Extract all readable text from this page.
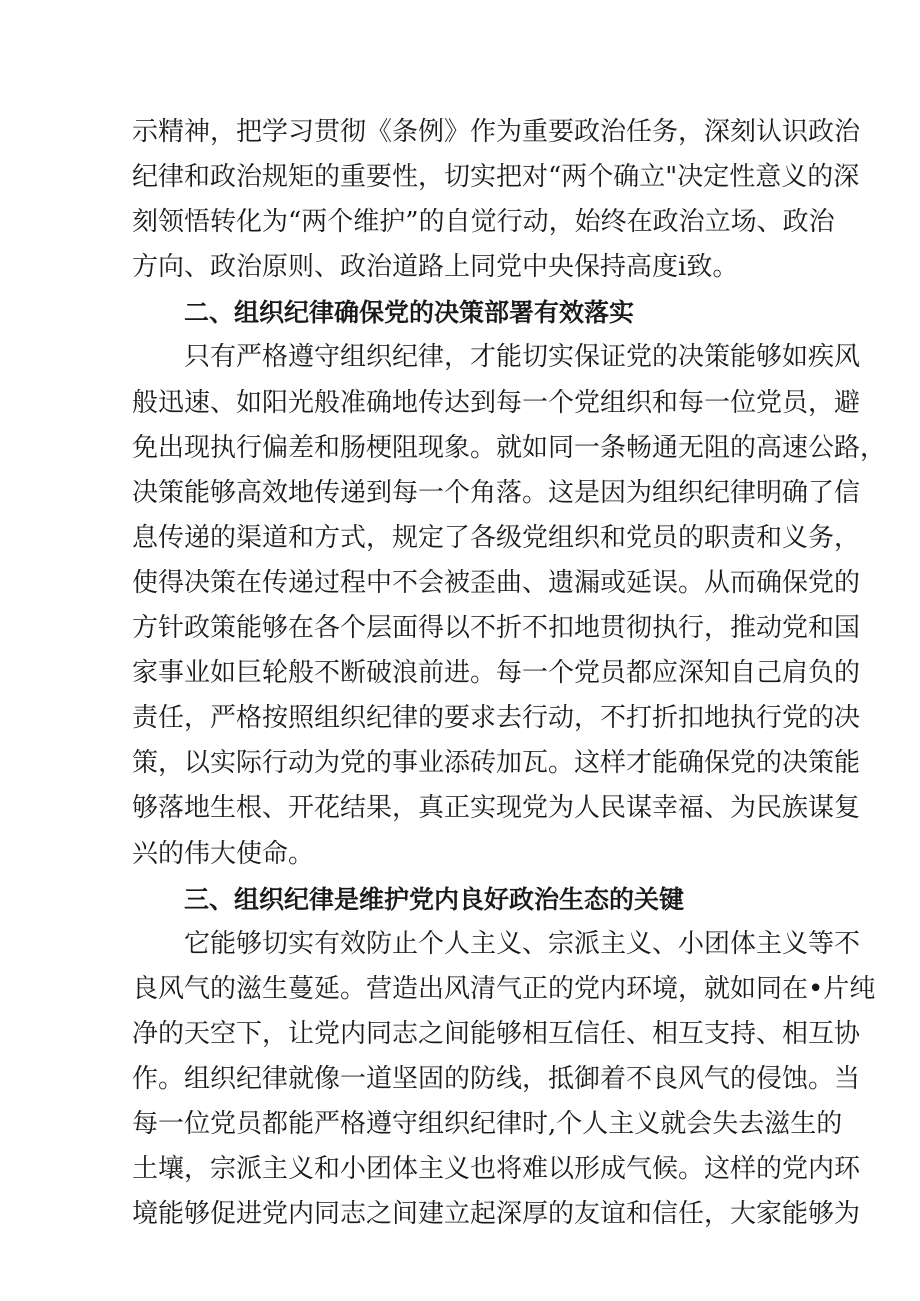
示精神，把学习贯彻《条例》作为重要政治任务，深刻认识政治
纪律和政治规矩的重要性，切实把对“两个确立"决定性意义的深
刻领悟转化为“两个维护”的自觉行动，始终在政治立场、政治
方向、政治原则、政治道路上同党中央保持高度i致。
二、组织纪律确保党的决策部署有效落实
只有严格遵守组织纪律，才能切实保证党的决策能够如疾风
般迅速、如阳光般准确地传达到每一个党组织和每一位党员，避
免出现执行偏差和肠梗阻现象。就如同一条畅通无阻的高速公路，
决策能够高效地传递到每一个角落。这是因为组织纪律明确了信
息传递的渠道和方式，规定了各级党组织和党员的职责和义务，
使得决策在传递过程中不会被歪曲、遗漏或延误。从而确保党的
方针政策能够在各个层面得以不折不扣地贯彻执行，推动党和国
家事业如巨轮般不断破浪前进。每一个党员都应深知自己肩负的
责任，严格按照组织纪律的要求去行动，不打折扣地执行党的决
策，以实际行动为党的事业添砖加瓦。这样才能确保党的决策能
够落地生根、开花结果，真正实现党为人民谋幸福、为民族谋复
兴的伟大使命。
三、组织纪律是维护党内良好政治生态的关键
它能够切实有效防止个人主义、宗派主义、小团体主义等不
良风气的滋生蔓延。营造出风清气正的党内环境，就如同在•片纯
净的天空下，让党内同志之间能够相互信任、相互支持、相互协
作。组织纪律就像一道坚固的防线，抵御着不良风气的侵蚀。当
每一位党员都能严格遵守组织纪律时,个人主义就会失去滋生的
土壤，宗派主义和小团体主义也将难以形成气候。这样的党内环
境能够促进党内同志之间建立起深厚的友谊和信任，大家能够为
